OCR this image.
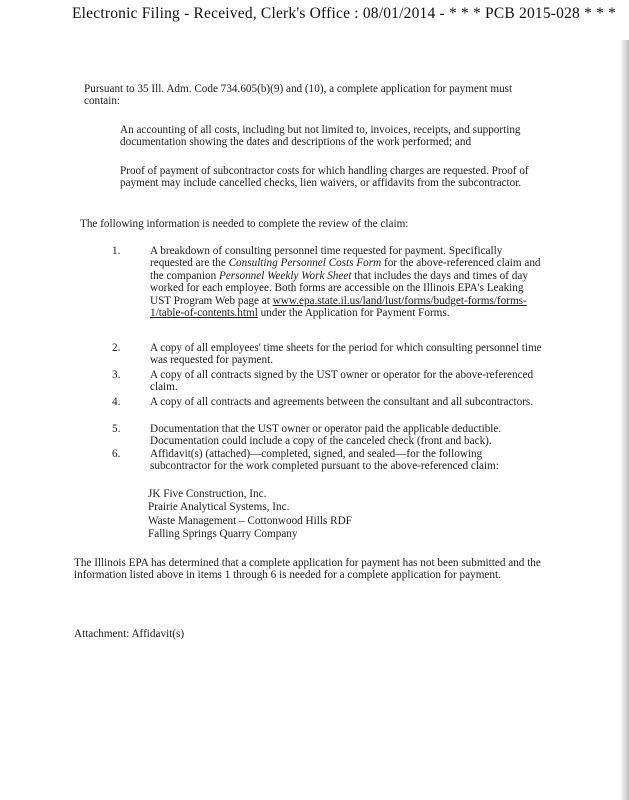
Electronic Filing - Received, Clerk's Office : 08/01/2014 - * * * PCB 2015-028 * * *

Pursuant to 35 Ill. Adm. Code 734.605(b)(9) and (10), a complete application for payment must contain:

An accounting of all costs, including but not limited to, invoices, receipts, and supporting documentation showing the dates and descriptions of the work performed; and

Proof of payment of subcontractor costs for which handling charges are requested. Proof of payment may include cancelled checks, lien waivers, or affidavits from the subcontractor.

The following information is needed to complete the review of the claim:

1.	A breakdown of consulting personnel time requested for payment. Specifically requested are the Consulting Personnel Costs Form for the above-referenced claim and the companion Personnel Weekly Work Sheet that includes the days and times of day worked for each employee. Both forms are accessible on the Illinois EPA's Leaking UST Program Web page at www.epa.state.il.us/land/lust/forms/budget-forms/forms-1/table-of-contents.html under the Application for Payment Forms.
2.	A copy of all employees' time sheets for the period for which consulting personnel time was requested for payment.
3.	A copy of all contracts signed by the UST owner or operator for the above-referenced claim.
4.	A copy of all contracts and agreements between the consultant and all subcontractors.
5.	Documentation that the UST owner or operator paid the applicable deductible. Documentation could include a copy of the canceled check (front and back).
6.	Affidavit(s) (attached)—completed, signed, and sealed—for the following subcontractor for the work completed pursuant to the above-referenced claim:
JK Five Construction, Inc.
Prairie Analytical Systems, Inc.
Waste Management – Cottonwood Hills RDF
Falling Springs Quarry Company

The Illinois EPA has determined that a complete application for payment has not been submitted and the information listed above in items 1 through 6 is needed for a complete application for payment.

Attachment: Affidavit(s)
